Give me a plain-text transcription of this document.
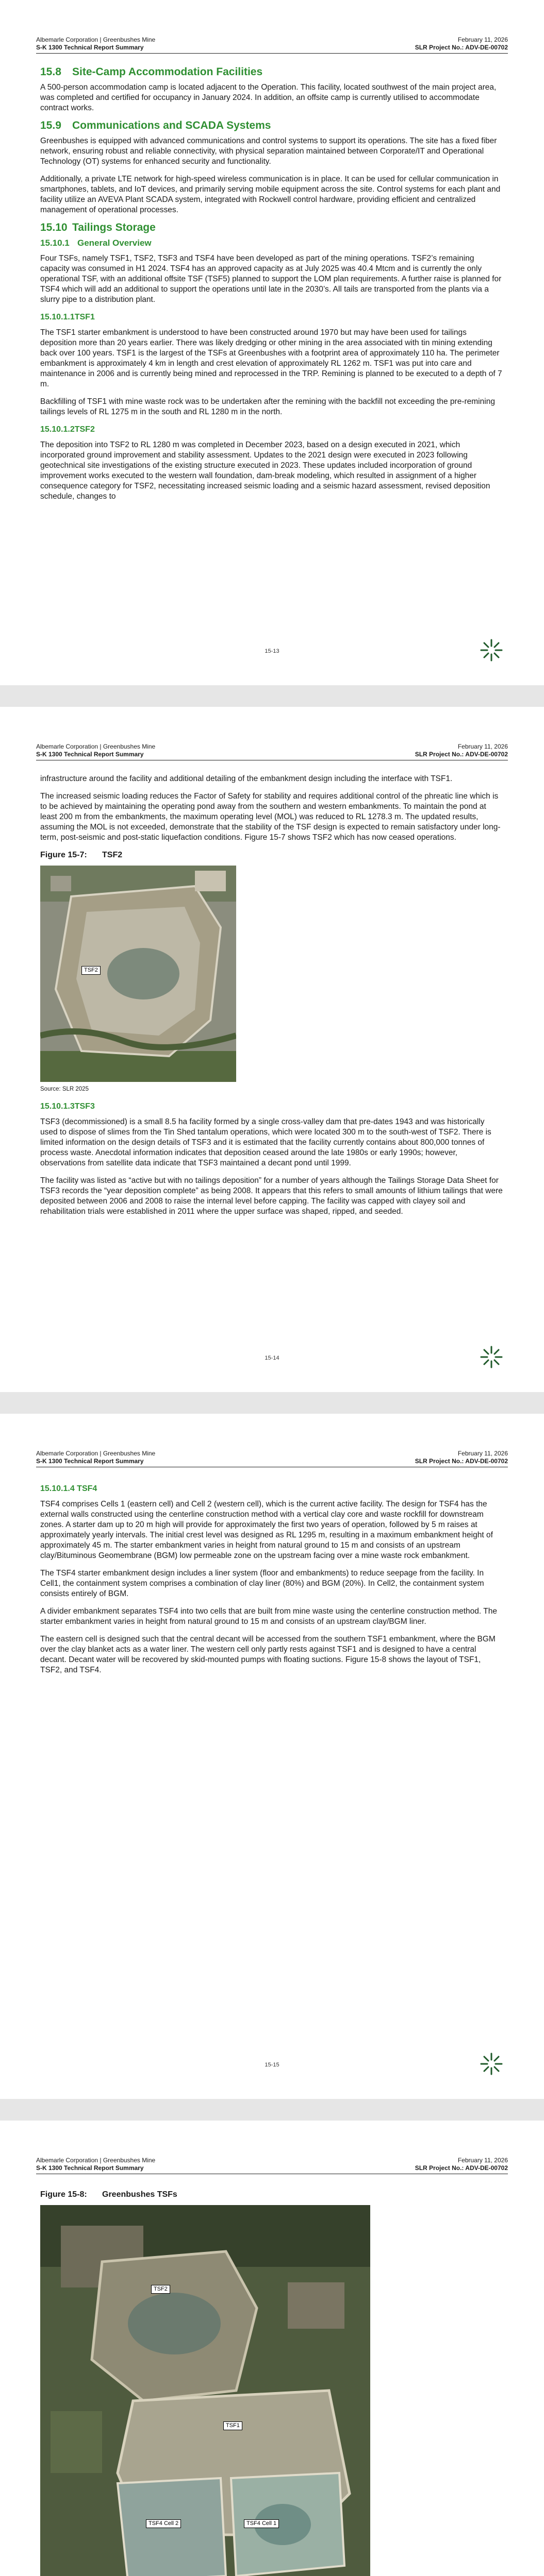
Albemarle Corporation | Greenbushes Mine	February 11, 2026
S-K 1300 Technical Report Summary	SLR Project No.: ADV-DE-00702
15.8 Site-Camp Accommodation Facilities

A 500-person accommodation camp is located adjacent to the Operation. This facility, located southwest of the main project area, was completed and certified for occupancy in January 2024. In addition, an offsite camp is currently utilised to accommodate contract works.

15.9 Communications and SCADA Systems

Greenbushes is equipped with advanced communications and control systems to support its operations. The site has a fixed fiber network, ensuring robust and reliable connectivity, with physical separation maintained between Corporate/IT and Operational Technology (OT) systems for enhanced security and functionality.

Additionally, a private LTE network for high-speed wireless communication is in place. It can be used for cellular communication in smartphones, tablets, and IoT devices, and primarily serving mobile equipment across the site. Control systems for each plant and facility utilize an AVEVA Plant SCADA system, integrated with Rockwell control hardware, providing efficient and centralized management of operational processes.

15.10 Tailings Storage
15.10.1 General Overview

Four TSFs, namely TSF1, TSF2, TSF3 and TSF4 have been developed as part of the mining operations. TSF2’s remaining capacity was consumed in H1 2024. TSF4 has an approved capacity as at July 2025 was 40.4 Mtcm and is currently the only operational TSF, with an additional offsite TSF (TSF5) planned to support the LOM plan requirements. A further raise is planned for TSF4 which will add an additional to support the operations until late in the 2030’s. All tails are transported from the plants via a slurry pipe to a distribution plant.

15.10.1.1TSF1

The TSF1 starter embankment is understood to have been constructed around 1970 but may have been used for tailings deposition more than 20 years earlier. There was likely dredging or other mining in the area associated with tin mining extending back over 100 years. TSF1 is the largest of the TSFs at Greenbushes with a footprint area of approximately 110 ha. The perimeter embankment is approximately 4 km in length and crest elevation of approximately RL 1262 m. TSF1 was put into care and maintenance in 2006 and is currently being mined and reprocessed in the TRP. Remining is planned to be executed to a depth of 7 m.

Backfilling of TSF1 with mine waste rock was to be undertaken after the remining with the backfill not exceeding the pre-remining tailings levels of RL 1275 m in the south and RL 1280 m in the north.

15.10.1.2TSF2

The deposition into TSF2 to RL 1280 m was completed in December 2023, based on a design executed in 2021, which incorporated ground improvement and stability assessment. Updates to the 2021 design were executed in 2023 following geotechnical site investigations of the existing structure executed in 2023. These updates included incorporation of ground improvement works executed to the western wall foundation, dam-break modeling, which resulted in assignment of a higher consequence category for TSF2, necessitating increased seismic loading and a seismic hazard assessment, revised deposition schedule, changes to

15-13
Albemarle Corporation | Greenbushes Mine	February 11, 2026
S-K 1300 Technical Report Summary	SLR Project No.: ADV-DE-00702

infrastructure around the facility and additional detailing of the embankment design including the interface with TSF1.

The increased seismic loading reduces the Factor of Safety for stability and requires additional control of the phreatic line which is to be achieved by maintaining the operating pond away from the southern and western embankments. To maintain the pond at least 200 m from the embankments, the maximum operating level (MOL) was reduced to RL 1278.3 m. The updated results, assuming the MOL is not exceeded, demonstrate that the stability of the TSF design is expected to remain satisfactory under long-term, post-seismic and post-static liquefaction conditions. Figure 15-7 shows TSF2 which has now ceased operations.

Figure 15-7: TSF2
TSF2
Source: SLR 2025
15.10.1.3TSF3

TSF3 (decommissioned) is a small 8.5 ha facility formed by a single cross-valley dam that pre-dates 1943 and was historically used to dispose of slimes from the Tin Shed tantalum operations, which were located 300 m to the south-west of TSF2. There is limited information on the design details of TSF3 and it is estimated that the facility currently contains about 800,000 tonnes of process waste. Anecdotal information indicates that deposition ceased around the late 1980s or early 1990s; however, observations from satellite data indicate that TSF3 maintained a decant pond until 1999.

The facility was listed as “active but with no tailings deposition” for a number of years although the Tailings Storage Data Sheet for TSF3 records the “year deposition complete” as being 2008. It appears that this refers to small amounts of lithium tailings that were deposited between 2006 and 2008 to raise the internal level before capping. The facility was capped with clayey soil and rehabilitation trials were established in 2011 where the upper surface was shaped, ripped, and seeded.

15-14
Albemarle Corporation | Greenbushes Mine	February 11, 2026
S-K 1300 Technical Report Summary	SLR Project No.: ADV-DE-00702
15.10.1.4 TSF4

TSF4 comprises Cells 1 (eastern cell) and Cell 2 (western cell), which is the current active facility. The design for TSF4 has the external walls constructed using the centerline construction method with a vertical clay core and waste rockfill for downstream zones. A starter dam up to 20 m high will provide for approximately the first two years of operation, followed by 5 m raises at approximately yearly intervals. The initial crest level was designed as RL 1295 m, resulting in a maximum embankment height of approximately 45 m. The starter embankment varies in height from natural ground to 15 m and consists of an upstream clay/Bituminous Geomembrane (BGM) low permeable zone on the upstream facing over a mine waste rock embankment.

The TSF4 starter embankment design includes a liner system (floor and embankments) to reduce seepage from the facility. In Cell1, the containment system comprises a combination of clay liner (80%) and BGM (20%). In Cell2, the containment system consists entirely of BGM.

A divider embankment separates TSF4 into two cells that are built from mine waste using the centerline construction method. The starter embankment varies in height from natural ground to 15 m and consists of an upstream clay/BGM liner.

The eastern cell is designed such that the central decant will be accessed from the southern TSF1 embankment, where the BGM over the clay blanket acts as a water liner. The western cell only partly rests against TSF1 and is designed to have a central decant. Decant water will be recovered by skid-mounted pumps with floating suctions. Figure 15-8 shows the layout of TSF1, TSF2, and TSF4.

15-15
Albemarle Corporation | Greenbushes Mine	February 11, 2026
S-K 1300 Technical Report Summary	SLR Project No.: ADV-DE-00702
Figure 15-8: Greenbushes TSFs
TSF2
TSF1
TSF4 Cell 2	TSF4 Cell 1
